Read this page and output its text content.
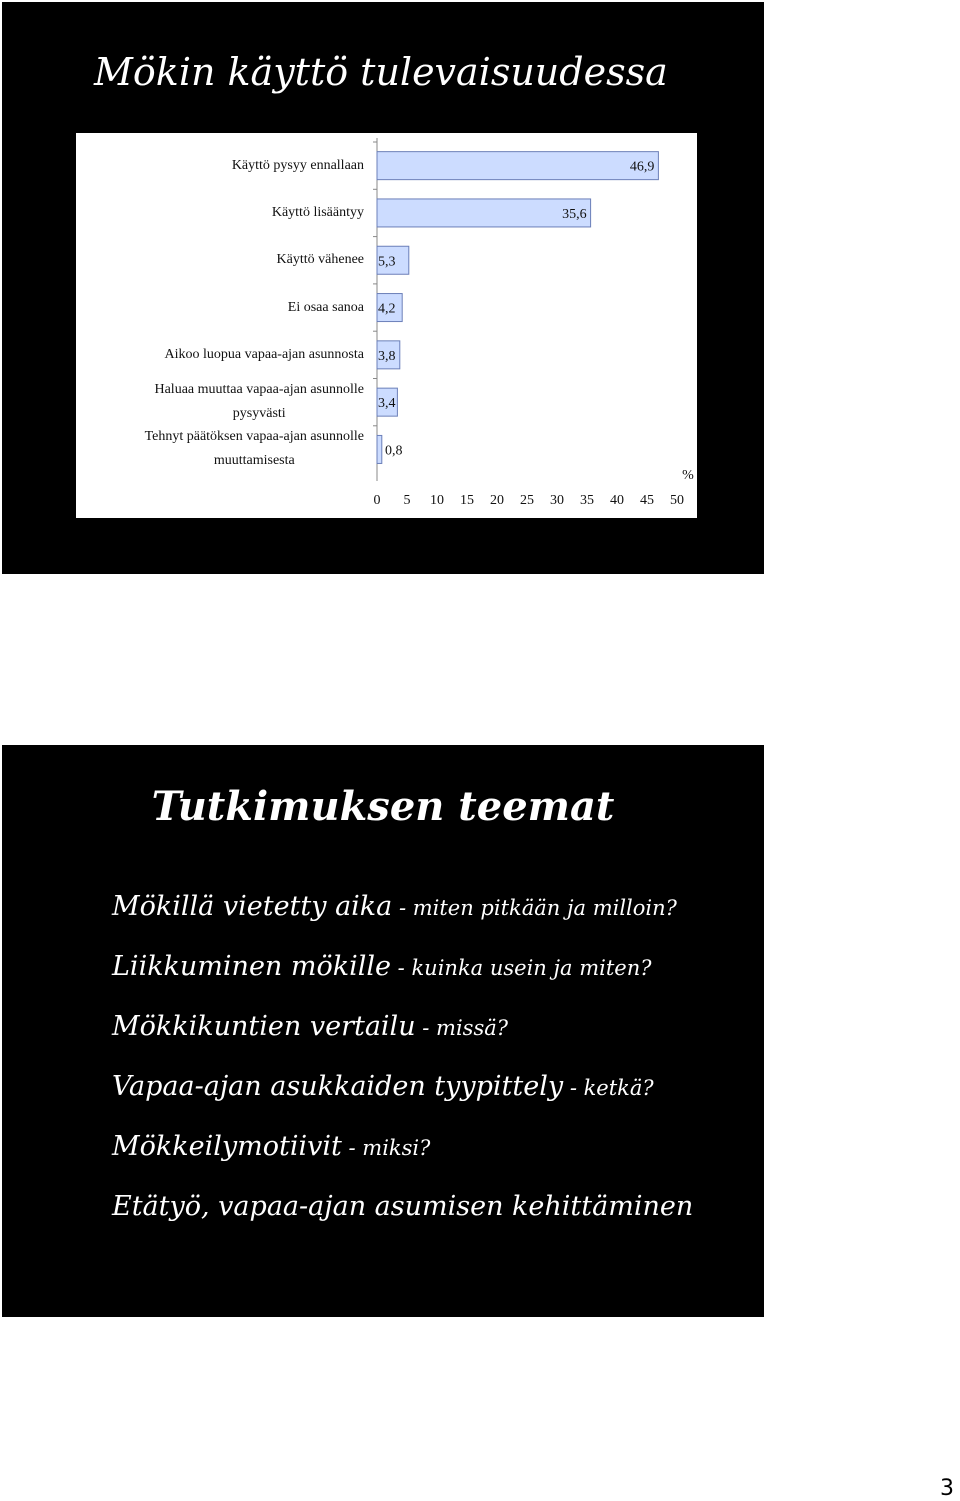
Mökin käyttö tulevaisuudessa
Käyttö pysyy ennallaan
Käyttö lisääntyy
Käyttö vähenee
Ei osaa sanoa
Aikoo luopua vapaa-ajan asunnosta
Haluaa muuttaa vapaa-ajan asunnolle
pysyvästi
Tehnyt päätöksen vapaa-ajan asunnolle
muuttamisesta
46,9
35,6
5,3
4,2
3,8
3,4
0,8
0 5 10 15 20 25 30 35 40 45 50
%
Tutkimuksen teemat
Mökillä vietetty aika - miten pitkään ja milloin?
Liikkuminen mökille - kuinka usein ja miten?
Mökkikuntien vertailu - missä?
Vapaa-ajan asukkaiden tyypittely - ketkä?
Mökkeilymotiivit - miksi?
Etätyö, vapaa-ajan asumisen kehittäminen
3
